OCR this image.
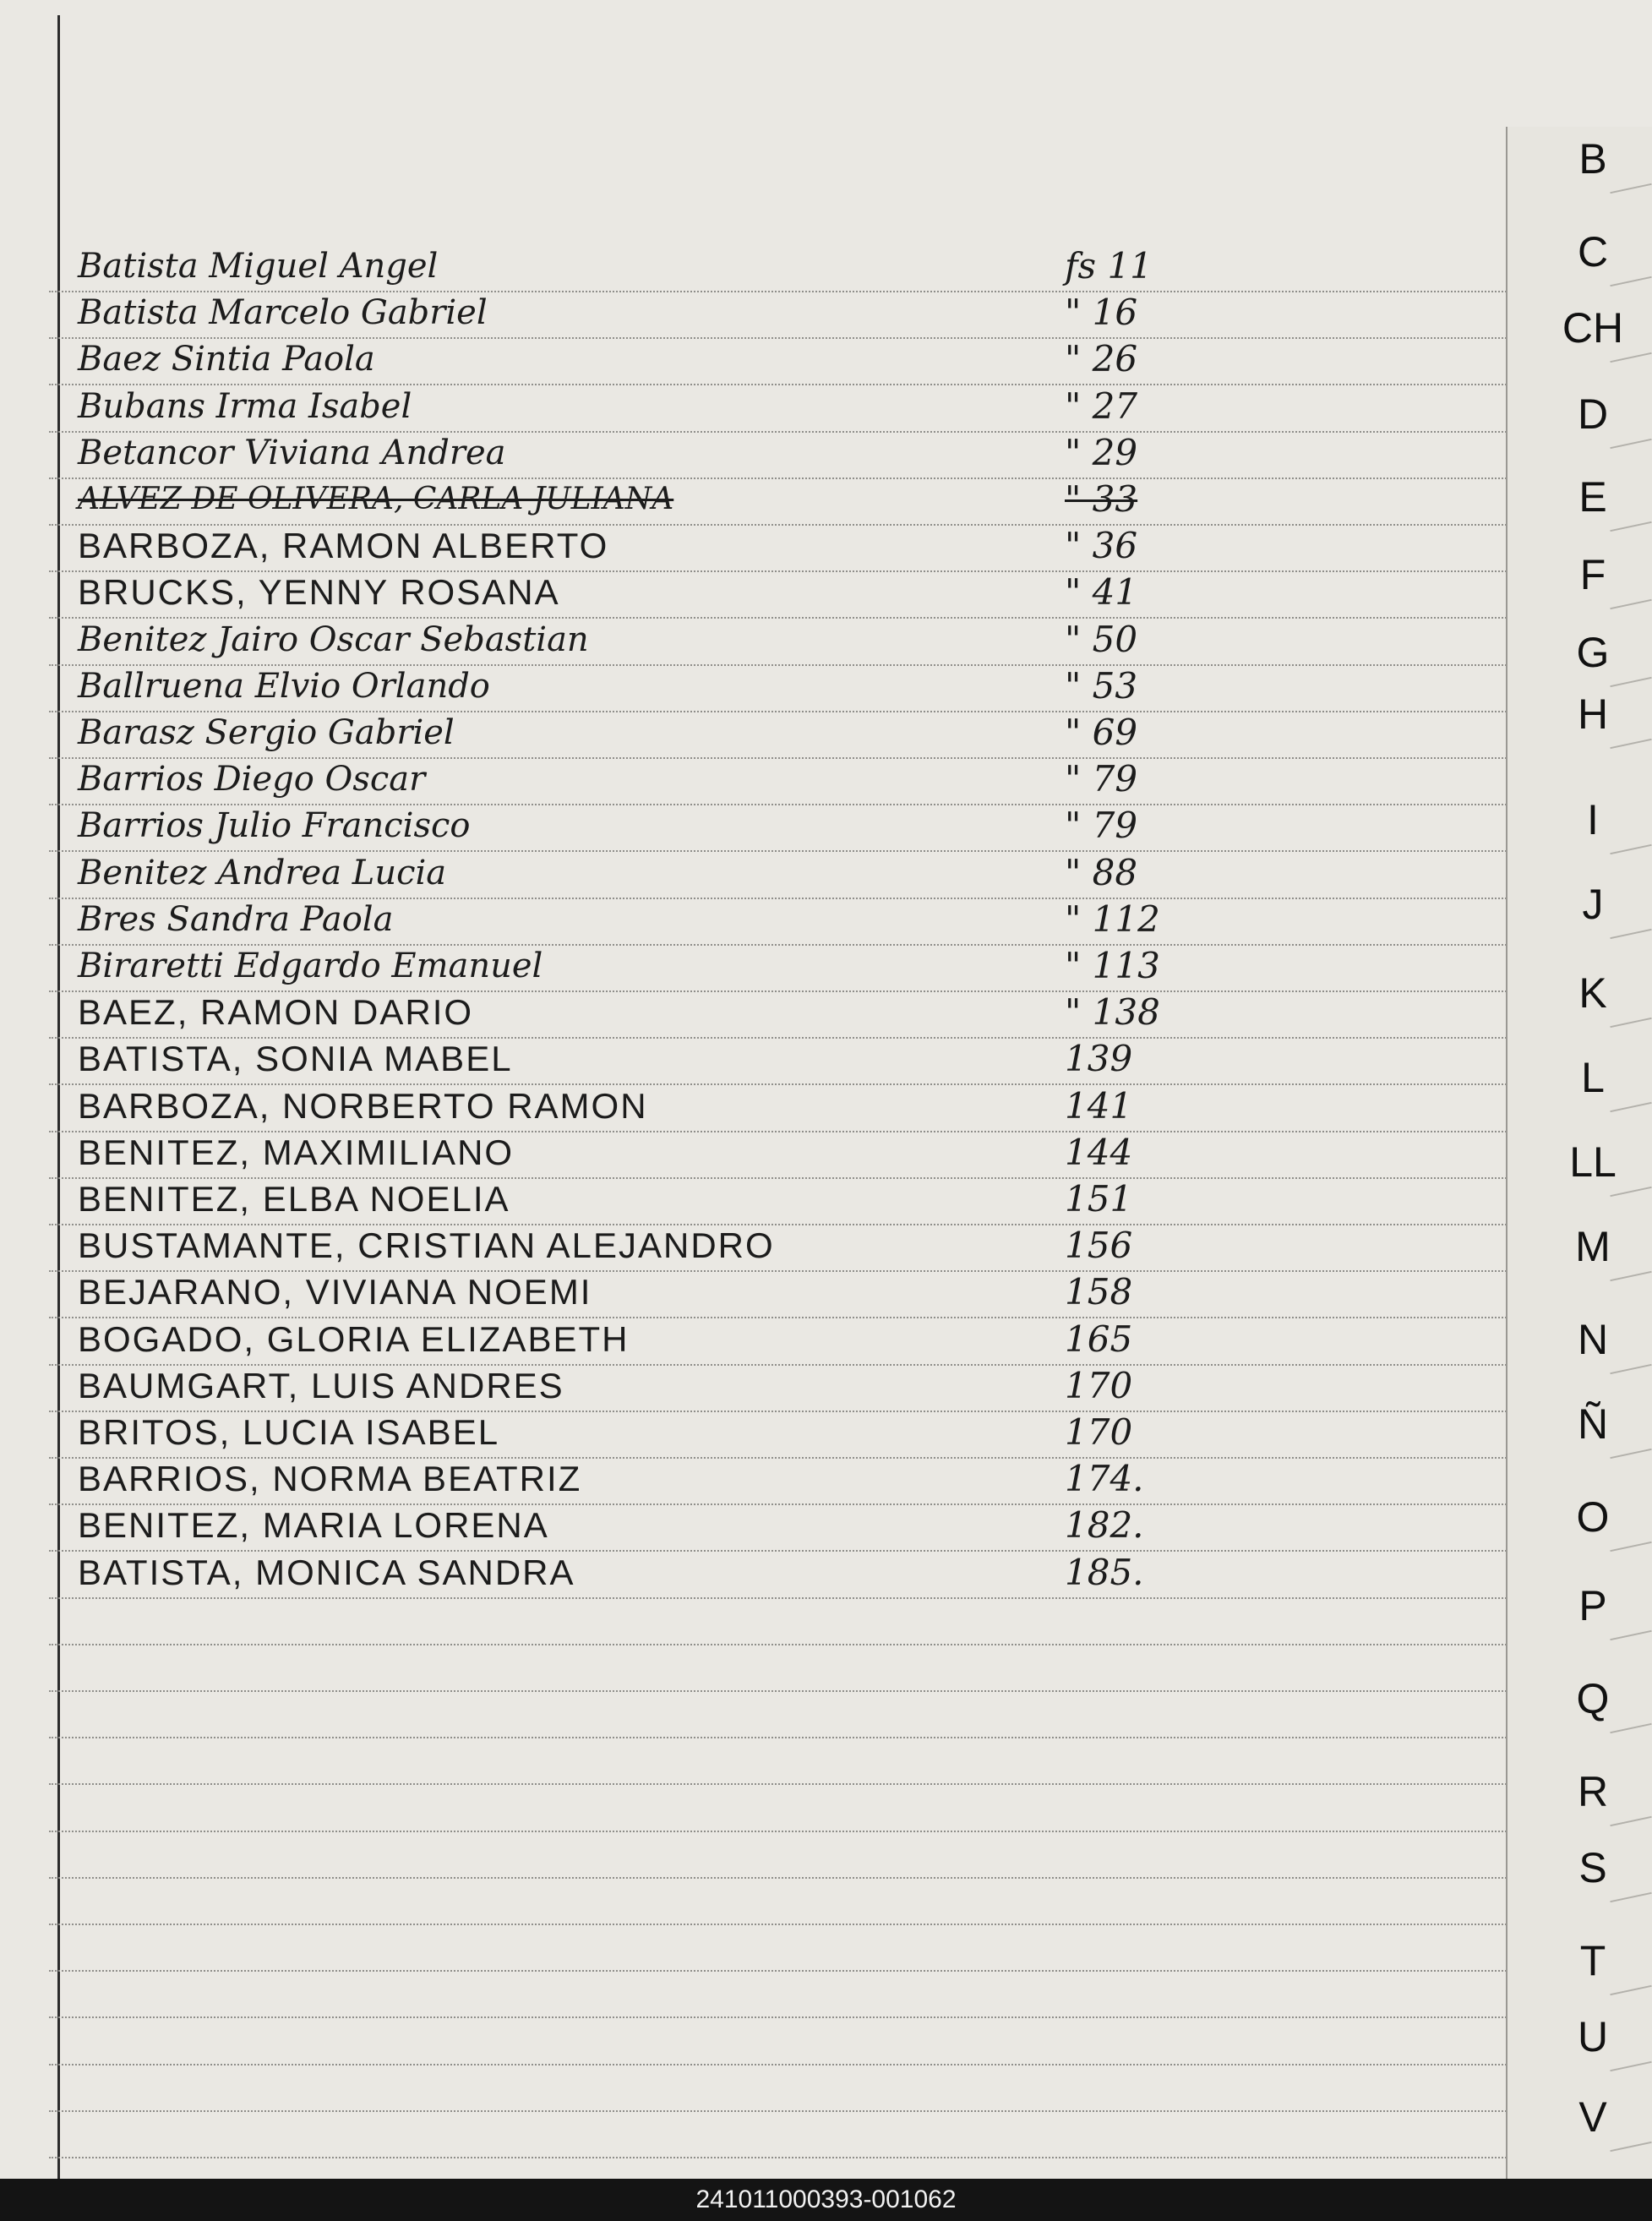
B
C
CH
D
E
F
G
H
I
J
K
L
LL
M
N
Ñ
O
P
Q
R
S
T
U
V
Batista Miguel Angel	fs 11
Batista Marcelo Gabriel	" 16
Baez Sintia Paola	" 26
Bubans Irma Isabel	" 27
Betancor Viviana Andrea	" 29
ALVEZ DE OLIVERA, CARLA JULIANA	" 33
BARBOZA, RAMON ALBERTO	" 36
BRUCKS, YENNY ROSANA	" 41
Benitez Jairo Oscar Sebastian	" 50
Ballruena Elvio Orlando	" 53
Barasz Sergio Gabriel	" 69
Barrios Diego Oscar	" 79
Barrios Julio Francisco	" 79
Benitez Andrea Lucia	" 88
Bres Sandra Paola	" 112
Biraretti Edgardo Emanuel	" 113
BAEZ, RAMON DARIO	" 138
BATISTA, SONIA MABEL	139
BARBOZA, NORBERTO RAMON	141
BENITEZ, MAXIMILIANO	144
BENITEZ, ELBA NOELIA	151
BUSTAMANTE, CRISTIAN ALEJANDRO	156
BEJARANO, VIVIANA NOEMI	158
BOGADO, GLORIA ELIZABETH	165
BAUMGART, LUIS ANDRES	170
BRITOS, LUCIA ISABEL	170
BARRIOS, NORMA BEATRIZ	174.
BENITEZ, MARIA LORENA	182.
BATISTA, MONICA SANDRA	185.
241011000393-001062
